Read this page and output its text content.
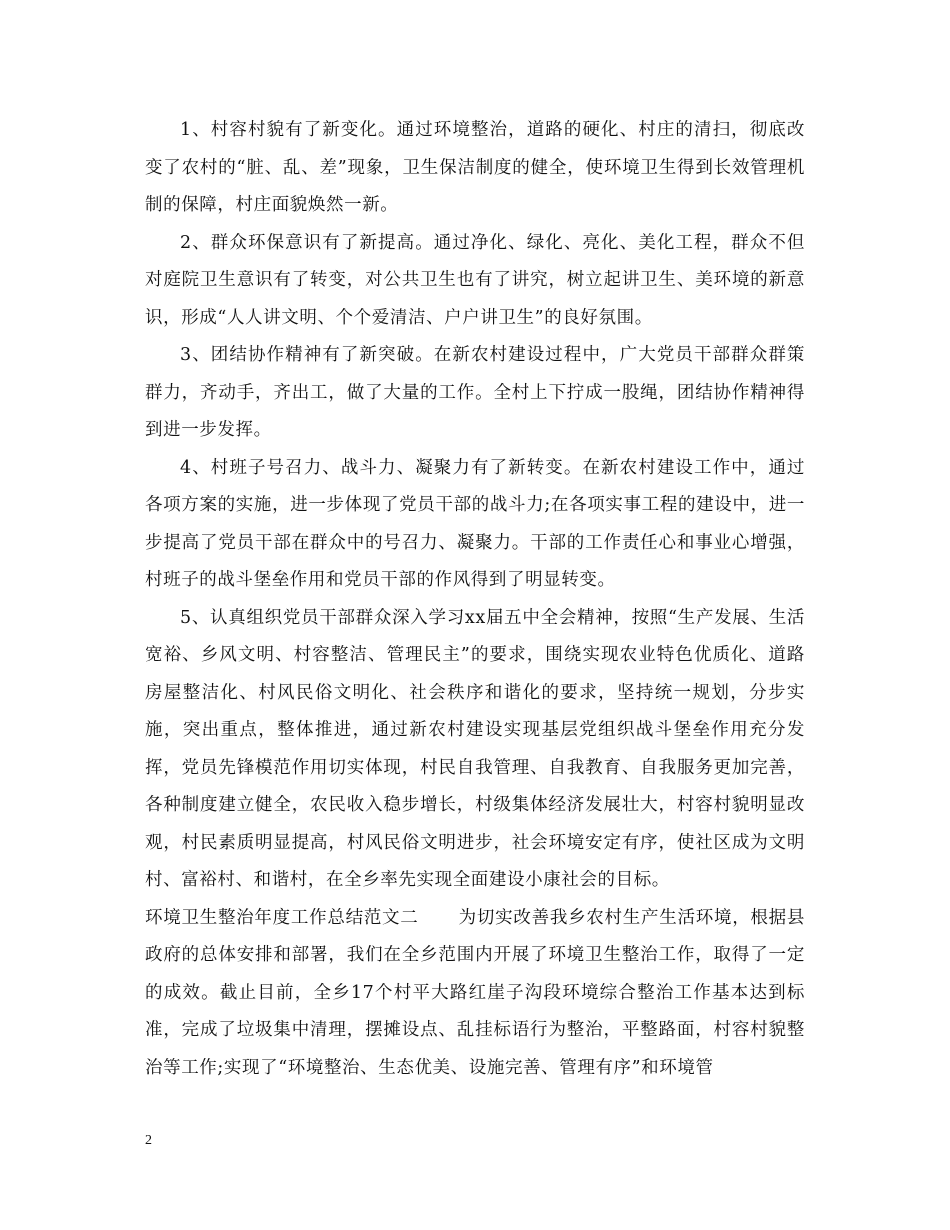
1、村容村貌有了新变化。通过环境整治，道路的硬化、村庄的清扫，彻底改变了农村的“脏、乱、差”现象，卫生保洁制度的健全，使环境卫生得到长效管理机制的保障，村庄面貌焕然一新。

2、群众环保意识有了新提高。通过净化、绿化、亮化、美化工程，群众不但对庭院卫生意识有了转变，对公共卫生也有了讲究，树立起讲卫生、美环境的新意识，形成“人人讲文明、个个爱清洁、户户讲卫生”的良好氛围。

3、团结协作精神有了新突破。在新农村建设过程中，广大党员干部群众群策群力，齐动手，齐出工，做了大量的工作。全村上下拧成一股绳，团结协作精神得到进一步发挥。

4、村班子号召力、战斗力、凝聚力有了新转变。在新农村建设工作中，通过各项方案的实施，进一步体现了党员干部的战斗力;在各项实事工程的建设中，进一步提高了党员干部在群众中的号召力、凝聚力。干部的工作责任心和事业心增强，村班子的战斗堡垒作用和党员干部的作风得到了明显转变。

5、认真组织党员干部群众深入学习xx届五中全会精神，按照“生产发展、生活宽裕、乡风文明、村容整洁、管理民主”的要求，围绕实现农业特色优质化、道路房屋整洁化、村风民俗文明化、社会秩序和谐化的要求，坚持统一规划，分步实施，突出重点，整体推进，通过新农村建设实现基层党组织战斗堡垒作用充分发挥，党员先锋模范作用切实体现，村民自我管理、自我教育、自我服务更加完善，各种制度建立健全，农民收入稳步增长，村级集体经济发展壮大，村容村貌明显改观，村民素质明显提高，村风民俗文明进步，社会环境安定有序，使社区成为文明村、富裕村、和谐村，在全乡率先实现全面建设小康社会的目标。

环境卫生整治年度工作总结范文二 为切实改善我乡农村生产生活环境，根据县政府的总体安排和部署，我们在全乡范围内开展了环境卫生整治工作，取得了一定的成效。截止目前，全乡17个村平大路红崖子沟段环境综合整治工作基本达到标准，完成了垃圾集中清理，摆摊设点、乱挂标语行为整治，平整路面，村容村貌整治等工作;实现了“环境整治、生态优美、设施完善、管理有序”和环境管

2
